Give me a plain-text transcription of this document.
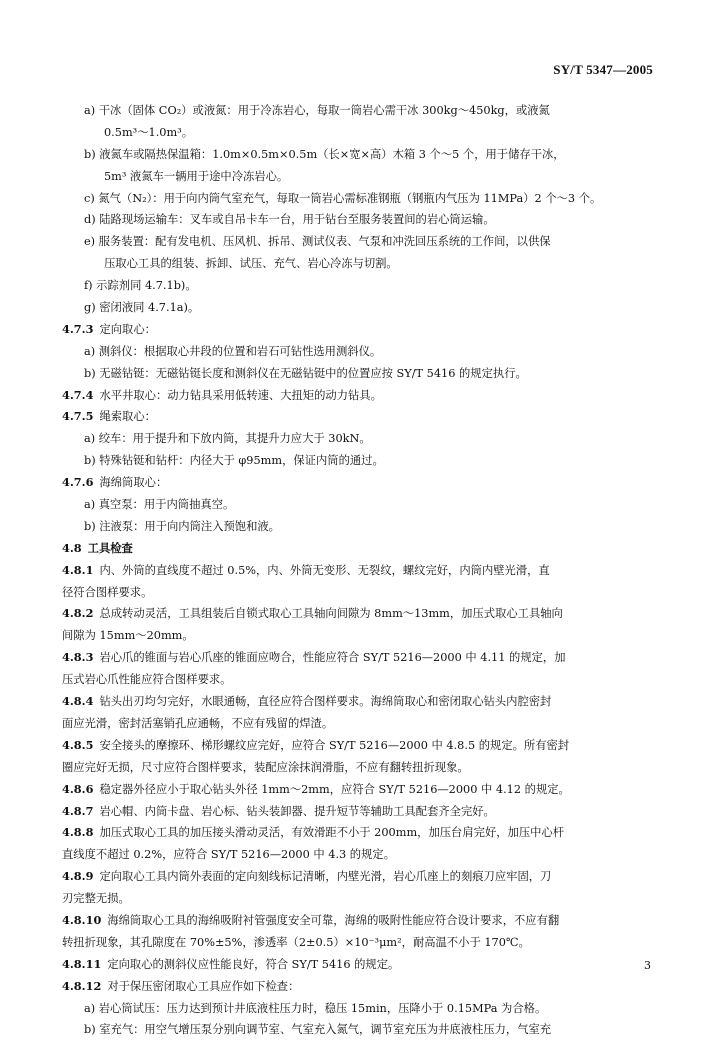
SY/T 5347—2005
a) 干冰（固体 CO₂）或液氮：用于冷冻岩心，每取一筒岩心需干冰 300kg～450kg，或液氮
0.5m³～1.0m³。
b) 液氮车或隔热保温箱：1.0m×0.5m×0.5m（长×宽×高）木箱 3 个～5 个，用于储存干冰，
5m³ 液氮车一辆用于途中冷冻岩心。
c) 氮气（N₂）：用于向内筒气室充气，每取一筒岩心需标准钢瓶（钢瓶内气压为 11MPa）2 个～3 个。
d) 陆路现场运输车：叉车或自吊卡车一台，用于钻台至服务装置间的岩心筒运输。
e) 服务装置：配有发电机、压风机、拆吊、测试仪表、气泵和冲洗回压系统的工作间，以供保
压取心工具的组装、拆卸、试压、充气、岩心冷冻与切割。
f) 示踪剂同 4.7.1b)。
g) 密闭液同 4.7.1a)。
4.7.3 定向取心：
a) 测斜仪：根据取心井段的位置和岩石可钻性选用测斜仪。
b) 无磁钻铤：无磁钻铤长度和测斜仪在无磁钻铤中的位置应按 SY/T 5416 的规定执行。
4.7.4 水平井取心：动力钻具采用低转速、大扭矩的动力钻具。
4.7.5 绳索取心：
a) 绞车：用于提升和下放内筒，其提升力应大于 30kN。
b) 特殊钻铤和钻杆：内径大于 φ95mm，保证内筒的通过。
4.7.6 海绵筒取心：
a) 真空泵：用于内筒抽真空。
b) 注液泵：用于向内筒注入预饱和液。
4.8 工具检查
4.8.1 内、外筒的直线度不超过 0.5%，内、外筒无变形、无裂纹，螺纹完好，内筒内壁光滑，直
径符合图样要求。
4.8.2 总成转动灵活，工具组装后自锁式取心工具轴向间隙为 8mm～13mm，加压式取心工具轴向
间隙为 15mm～20mm。
4.8.3 岩心爪的锥面与岩心爪座的锥面应吻合，性能应符合 SY/T 5216—2000 中 4.11 的规定，加
压式岩心爪性能应符合图样要求。
4.8.4 钻头出刃均匀完好，水眼通畅，直径应符合图样要求。海绵筒取心和密闭取心钻头内腔密封
面应光滑，密封活塞销孔应通畅，不应有残留的焊渣。
4.8.5 安全接头的摩擦环、梯形螺纹应完好，应符合 SY/T 5216—2000 中 4.8.5 的规定。所有密封
圈应完好无损，尺寸应符合图样要求，装配应涂抹润滑脂，不应有翻转扭折现象。
4.8.6 稳定器外径应小于取心钻头外径 1mm～2mm，应符合 SY/T 5216—2000 中 4.12 的规定。
4.8.7 岩心帽、内筒卡盘、岩心标、钻头装卸器、提升短节等辅助工具配套齐全完好。
4.8.8 加压式取心工具的加压接头滑动灵活，有效滑距不小于 200mm，加压台肩完好，加压中心杆
直线度不超过 0.2%，应符合 SY/T 5216—2000 中 4.3 的规定。
4.8.9 定向取心工具内筒外表面的定向刻线标记清晰，内壁光滑，岩心爪座上的刻痕刀应牢固，刀
刃完整无损。
4.8.10 海绵筒取心工具的海绵吸附衬管强度安全可靠，海绵的吸附性能应符合设计要求，不应有翻
转扭折现象，其孔隙度在 70%±5%，渗透率（2±0.5）×10⁻³μm²，耐高温不小于 170℃。
4.8.11 定向取心的测斜仪应性能良好，符合 SY/T 5416 的规定。
4.8.12 对于保压密闭取心工具应作如下检查：
a) 岩心筒试压：压力达到预计井底液柱压力时，稳压 15min，压降小于 0.15MPa 为合格。
b) 室充气：用空气增压泵分别向调节室、气室充入氮气，调节室充压为井底液柱压力，气室充
3
